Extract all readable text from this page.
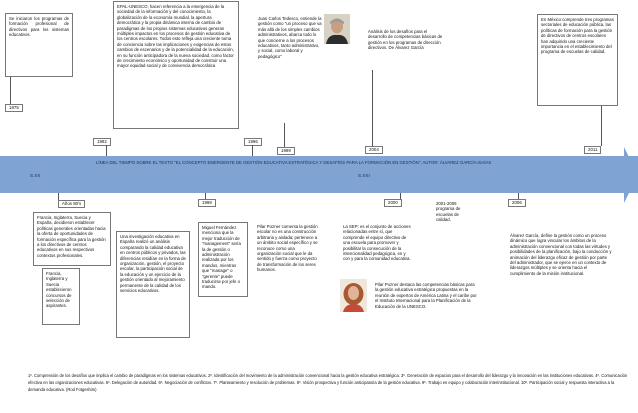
Se iniciaron los programas de formación profesional de directivos para los sistemas educativos.
1975
EPAL-UNESCO, hacen referencia a la emergencia de la sociedad de la información y del conocimiento, la globalización de la economía mundial, la apertura democrática y la propia dinámica interna de cambio de paradigmas de los propios sistemas educativos generan múltiples impactos en los procesos de gestión educativa de los centros escolares. Todos esto refleja una creciente toma de conciencia sobre las implicaciones y exigencias de estos cambios de escenarios y de la potencialidad de la educación, en su función anticipadora de la nueva sociedad, como factor de crecimiento económico y oportunidad de construir una mayor equidad social y de convivencia democrática
1992	1996
Juan Carlos Tedesco, entiende la gestión como "un proceso que va más allá de los simples cambios administrativos, abarca todo lo que concierne a los procesos educativos, tanto administrativo, y social, como laboral y pedagógico"
1999
Análisis de los desafíos para el desarrollo de competencias básicas de gestión en los programas de dirección directivos. De Álvarez García
2004
En México comprende tres programas sectoriales de educación pública, las políticas de formación para la gestión de directivos de centros escolares han adquirido una creciente importancia en el establecimiento del programa de escuelas de calidad.
2011
LÍNEA DEL TIEMPO SOBRE EL TEXTO "EL CONCEPTO EMERGENTE DE GESTIÓN EDUCATIVA ESTRATÉGICA Y DESAFÍOS PARA LA FORMACIÓN EN GESTIÓN", AUTOR: ÁLVAREZ GARCÍA ISAÍAS
S.XX	S.XXI
Años 80's
Francia, Inglaterra, Suecia y España, decidieron establecer políticas generales orientadas hacia la oferta de oportunidades de formación específica para la gestión a los directivos de centros educativos en sus respectivos contextos profesionales.
Francia, Inglaterra y Suecia establecieron concursos de selección de aspirantes.
Una investigación educativa en España realizó un análisis comparando la calidad educativa en centros públicos y privados, las diferencias residían en la forma de organización, gestión, el proyecto escolar, la participación social de la educación y un ejercicio de la gestión orientado al mejoramiento permanente de la calidad de los servicios educativos.
1998
Miguel Fernández menciona que la mejor traducción de "management" sería la de gestión o administración realizada por los mandos, mientras que "manage" o "gerente" puede traducirse por jefe o mando.
Pilar Pozner comenta la gestión escolar no es una construcción arbitraria y aislada; pertenece a un ámbito social específico y se reconoce como una organización social que le da sentido y fuerza como proyecto de transformación de los seres humanos.
2000
La SEP: es el conjunto de acciones relacionadas entre sí, que comprende el equipo directivo de una escuela para promover y posibilitar la consecución de la intencionalidad pedagógica, en y con y para la comunidad educativa.
2001-2006 programa de escuelas de calidad.
2006
Álvarez García, define la gestión como un proceso dinámico que logra vincular los ámbitos de la administración convencional con todas las virtudes y posibilidades de la planificación, bajo la conducción y animación del liderazgo eficaz de gestión por parte del administrador, que se ejerce en un contexto de liderazgos múltiples y se orienta hacia el cumplimiento de la misión institucional.
Pilar Pozner destaca las competencias básicas para la gestión educativa estratégica propuestas en la reunión de expertos de América Latina y el caribe por el Instituto Internacional para la Planificación de la Educación de la UNESCO.
1º. Comprensión de los desafíos que implica el cambio de paradigmas en los sistemas educativos. 2º. Identificación del movimiento de la administración convencional hacia la gestión educativa estratégica. 3º. Generación de espacios para el desarrollo del liderazgo y la innovación en las instituciones educativas. 4º. Comunicación efectiva en las organizaciones educativas. 5º. Delegación de autoridad. 6º. Negociación de conflictos. 7º. Planteamiento y resolución de problemas. 8º. Visión prospectiva y función anticipatoria de la gestión educativa. 9º. Trabajo en equipo y colaboración interinstitucional. 10º. Participación social y respuesta interactiva a la demanda educativa. (Rod Fotgeshim)
